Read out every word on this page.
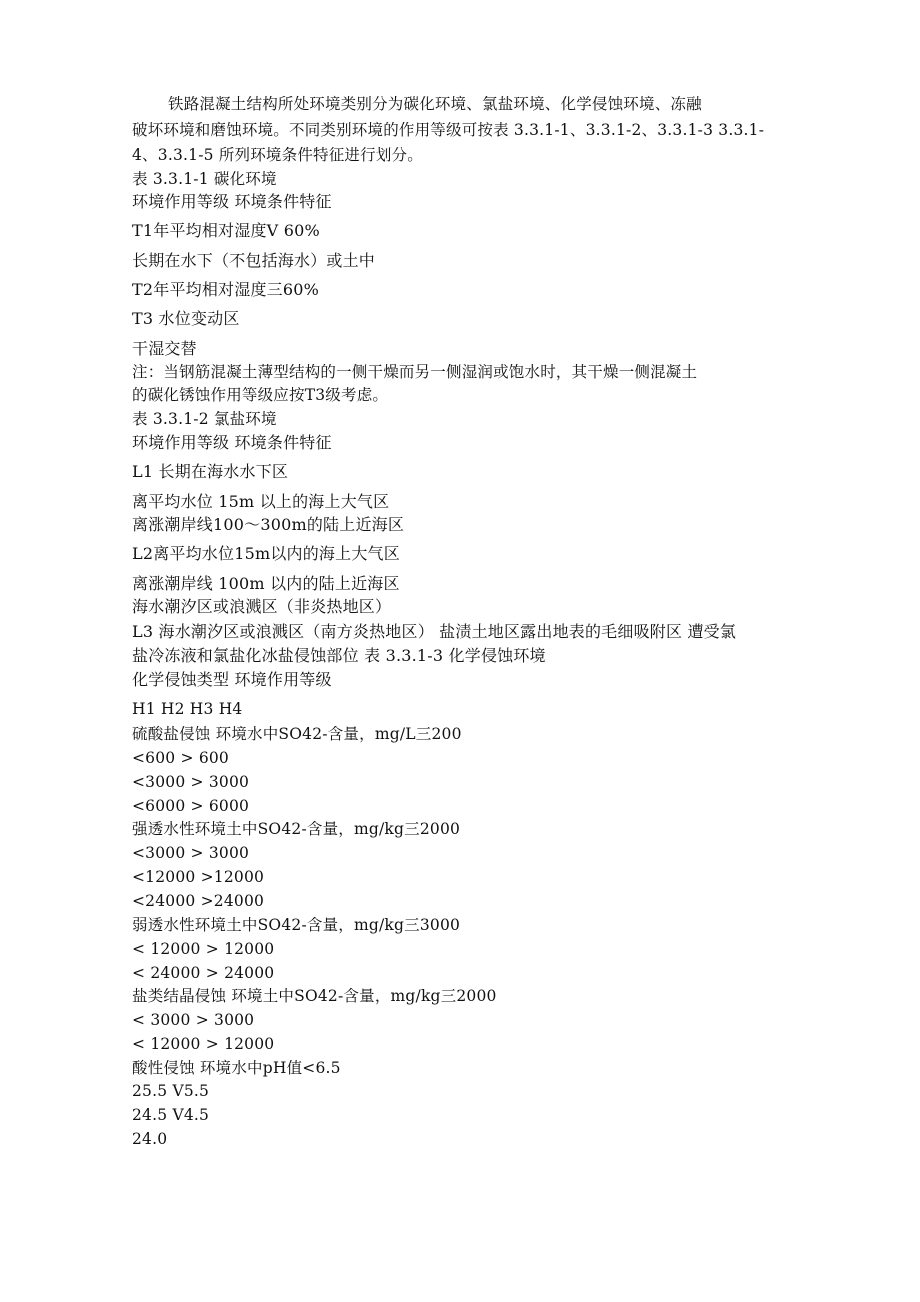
铁路混凝土结构所处环境类别分为碳化环境、氯盐环境、化学侵蚀环境、冻融
破坏环境和磨蚀环境。不同类别环境的作用等级可按表 3.3.1-1、3.3.1-2、3.3.1-3 3.3.1-
4、3.3.1-5 所列环境条件特征进行划分。
表 3.3.1-1 碳化环境
环境作用等级 环境条件特征
T1年平均相对湿度V 60%
长期在水下（不包括海水）或土中
T2年平均相对湿度三60%
T3 水位变动区
干湿交替
注：当钢筋混凝土薄型结构的一侧干燥而另一侧湿润或饱水时，其干燥一侧混凝土
的碳化锈蚀作用等级应按T3级考虑。
表 3.3.1-2 氯盐环境
环境作用等级 环境条件特征
L1 长期在海水水下区
离平均水位 15m 以上的海上大气区
离涨潮岸线100～300m的陆上近海区
L2离平均水位15m以内的海上大气区
离涨潮岸线 100m 以内的陆上近海区
海水潮汐区或浪溅区（非炎热地区）
L3 海水潮汐区或浪溅区（南方炎热地区） 盐渍土地区露出地表的毛细吸附区 遭受氯
盐冷冻液和氯盐化冰盐侵蚀部位 表 3.3.1-3 化学侵蚀环境
化学侵蚀类型 环境作用等级
H1 H2 H3 H4
硫酸盐侵蚀 环境水中SO42-含量，mg/L三200
<600 > 600
<3000 > 3000
<6000 > 6000
强透水性环境土中SO42-含量，mg/kg三2000
<3000 > 3000
<12000 >12000
<24000 >24000
弱透水性环境土中SO42-含量，mg/kg三3000
< 12000 > 12000
< 24000 > 24000
盐类结晶侵蚀 环境土中SO42-含量，mg/kg三2000
< 3000 > 3000
< 12000 > 12000
酸性侵蚀 环境水中pH值<6.5
25.5 V5.5
24.5 V4.5
24.0
